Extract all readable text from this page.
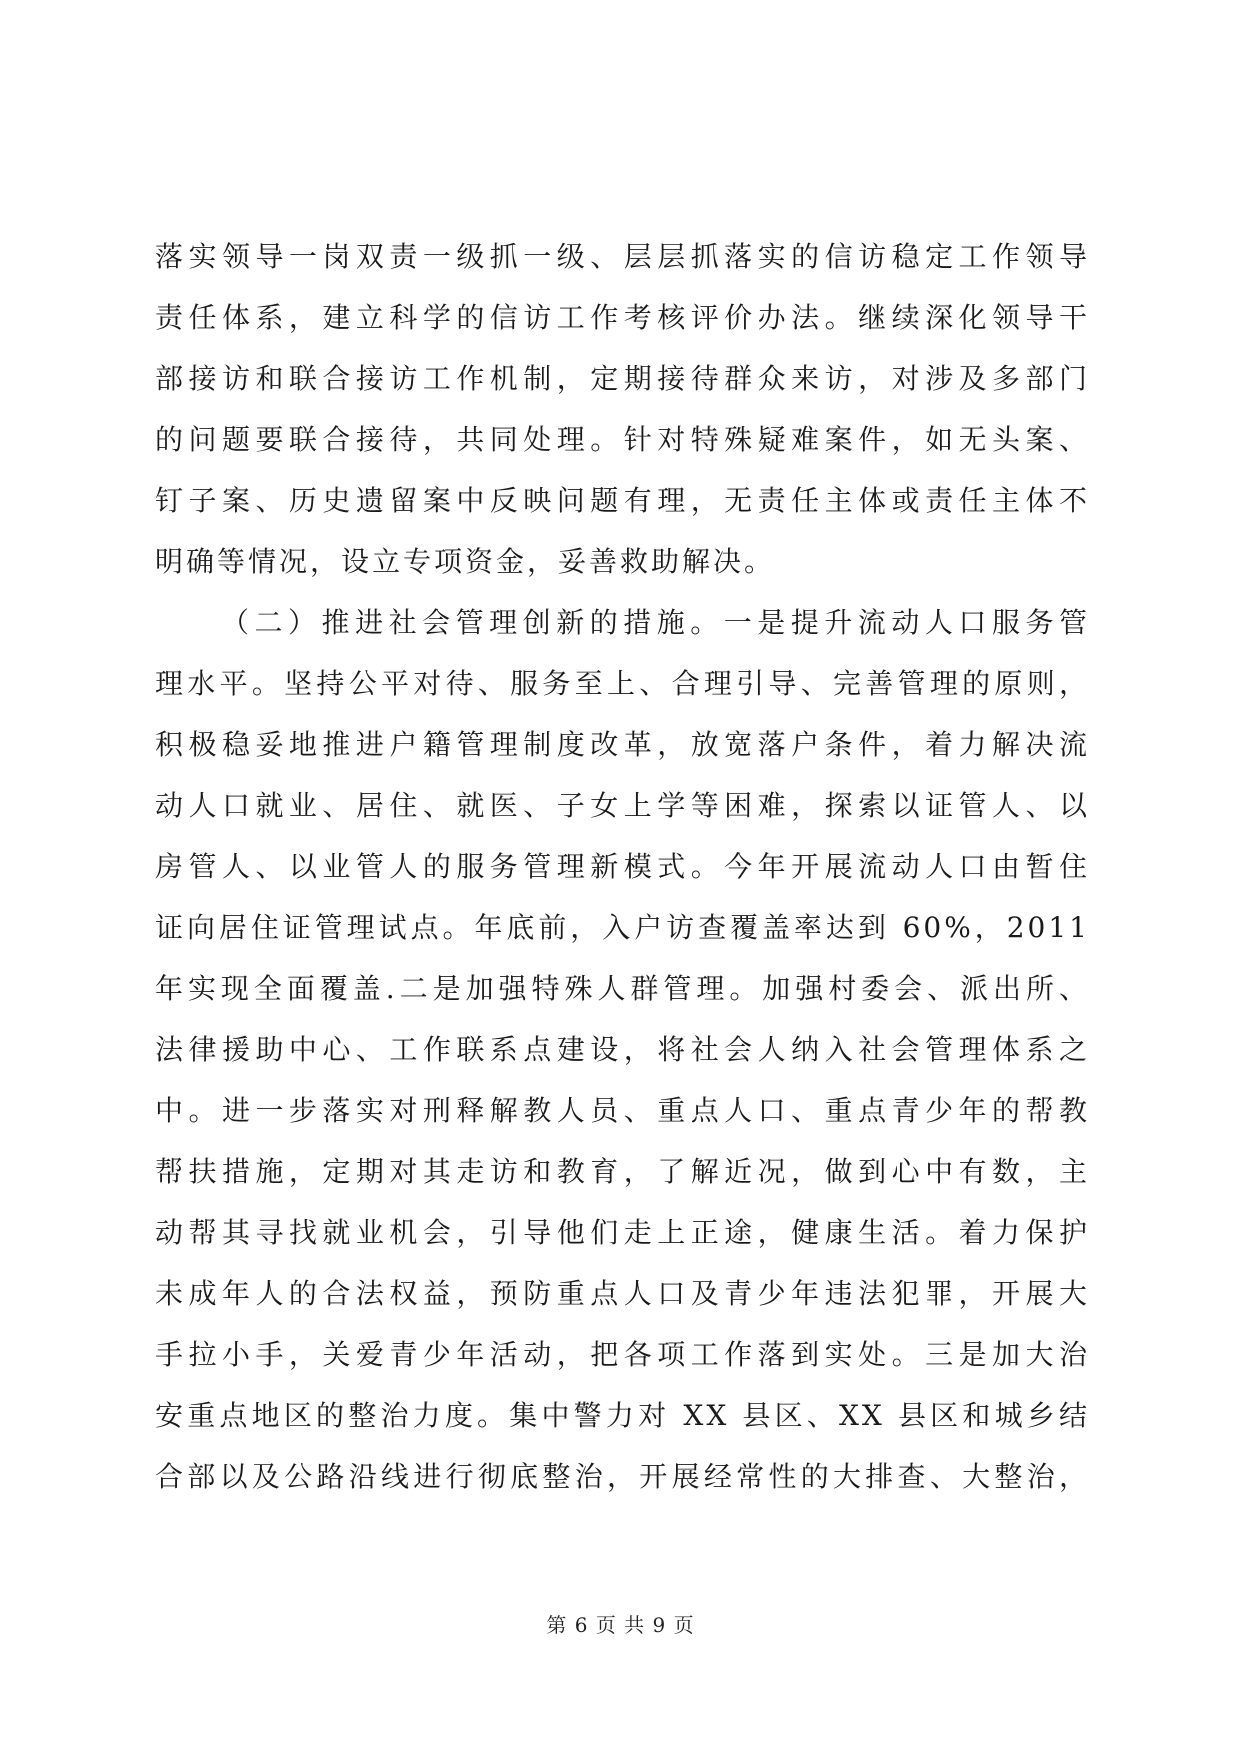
落实领导一岗双责一级抓一级、层层抓落实的信访稳定工作领导
责任体系，建立科学的信访工作考核评价办法。继续深化领导干
部接访和联合接访工作机制，定期接待群众来访，对涉及多部门
的问题要联合接待，共同处理。针对特殊疑难案件，如无头案、
钉子案、历史遗留案中反映问题有理，无责任主体或责任主体不
明确等情况，设立专项资金，妥善救助解决。
（二）推进社会管理创新的措施。一是提升流动人口服务管
理水平。坚持公平对待、服务至上、合理引导、完善管理的原则，
积极稳妥地推进户籍管理制度改革，放宽落户条件，着力解决流
动人口就业、居住、就医、子女上学等困难，探索以证管人、以
房管人、以业管人的服务管理新模式。今年开展流动人口由暂住
证向居住证管理试点。年底前，入户访查覆盖率达到 60%，2011
年实现全面覆盖.二是加强特殊人群管理。加强村委会、派出所、
法律援助中心、工作联系点建设，将社会人纳入社会管理体系之
中。进一步落实对刑释解教人员、重点人口、重点青少年的帮教
帮扶措施，定期对其走访和教育，了解近况，做到心中有数，主
动帮其寻找就业机会，引导他们走上正途，健康生活。着力保护
未成年人的合法权益，预防重点人口及青少年违法犯罪，开展大
手拉小手，关爱青少年活动，把各项工作落到实处。三是加大治
安重点地区的整治力度。集中警力对 XX 县区、XX 县区和城乡结
合部以及公路沿线进行彻底整治，开展经常性的大排查、大整治，
第 6 页 共 9 页
